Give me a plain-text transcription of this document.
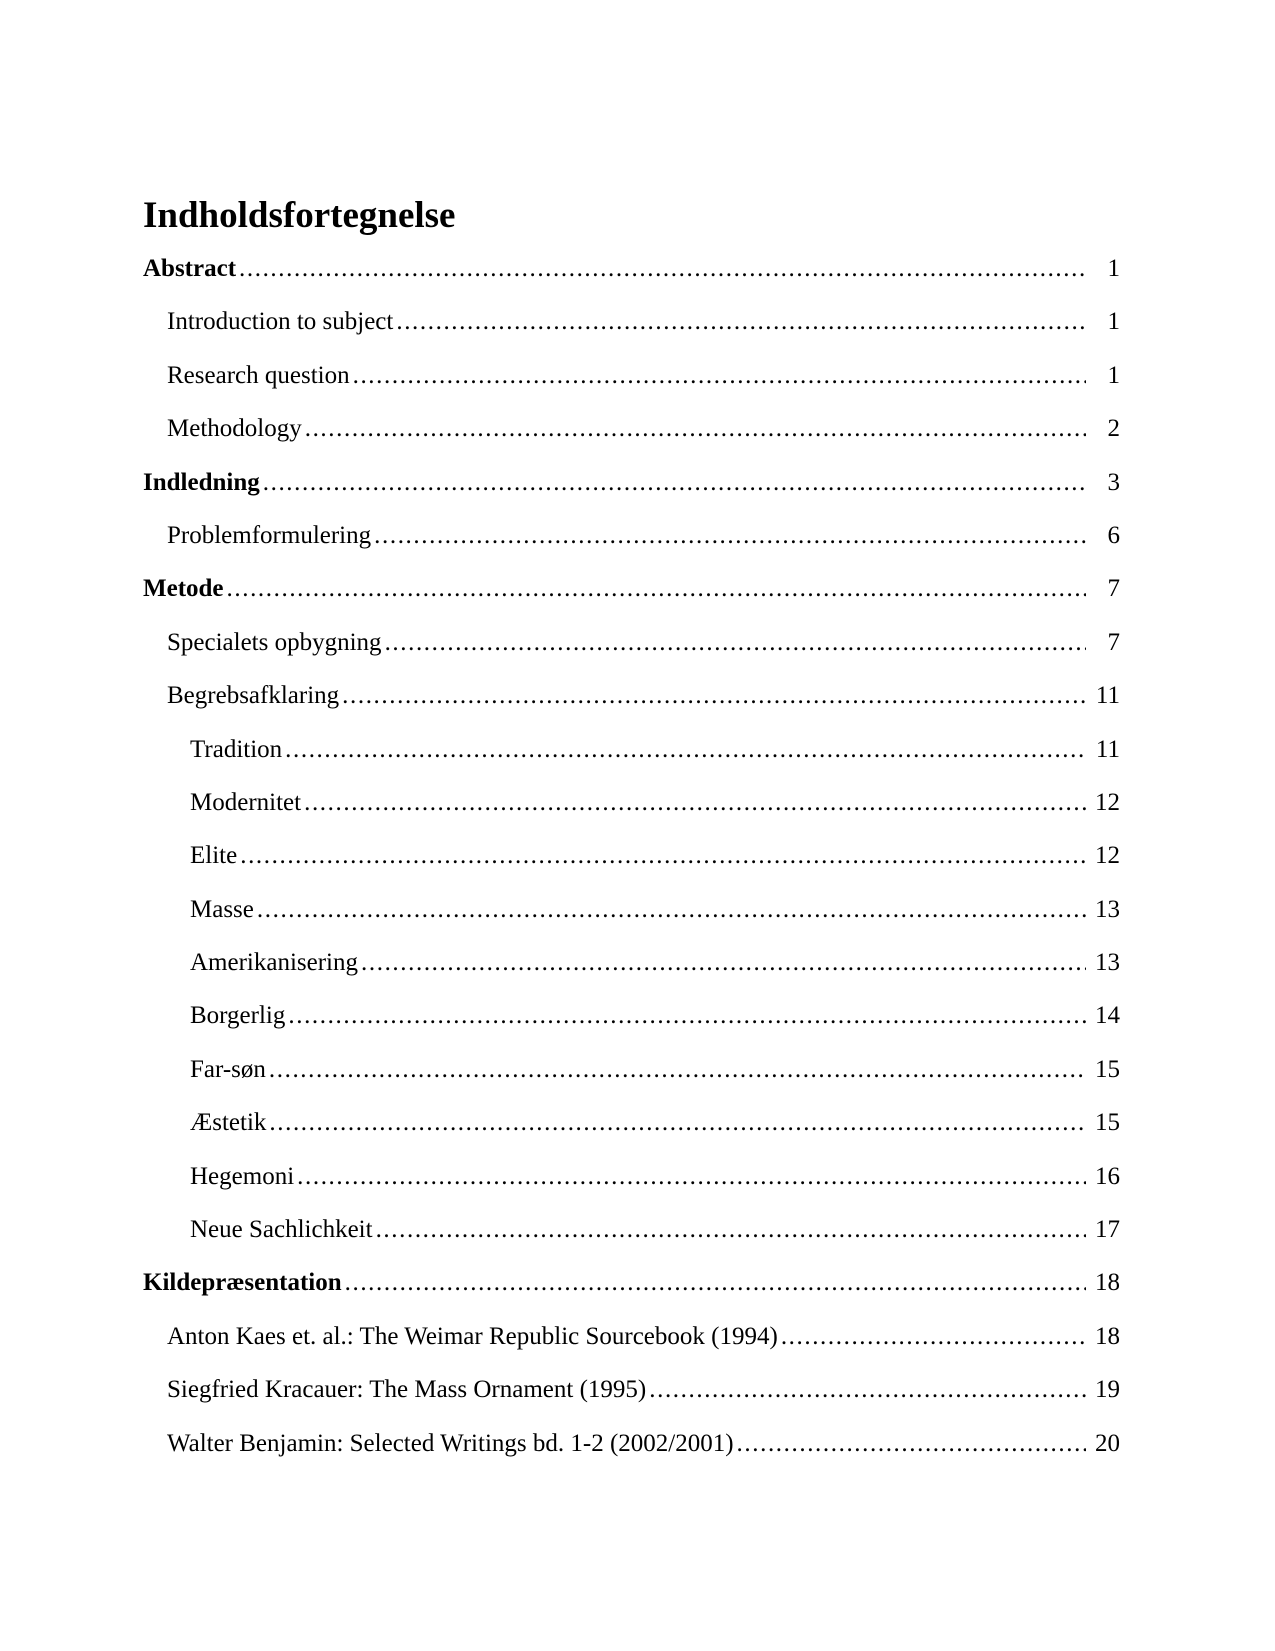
Indholdsfortegnelse
Abstract .....	1
Introduction to subject .....	1
Research question .....	1
Methodology .....	2
Indledning .....	3
Problemformulering .....	6
Metode .....	7
Specialets opbygning .....	7
Begrebsafklaring .....	11
Tradition .....	11
Modernitet .....	12
Elite .....	12
Masse .....	13
Amerikanisering .....	13
Borgerlig .....	14
Far-søn .....	15
Æstetik .....	15
Hegemoni .....	16
Neue Sachlichkeit .....	17
Kildepræsentation .....	18
Anton Kaes et. al.: The Weimar Republic Sourcebook (1994) .....	18
Siegfried Kracauer: The Mass Ornament (1995) .....	19
Walter Benjamin: Selected Writings bd. 1-2 (2002/2001) .....	20
